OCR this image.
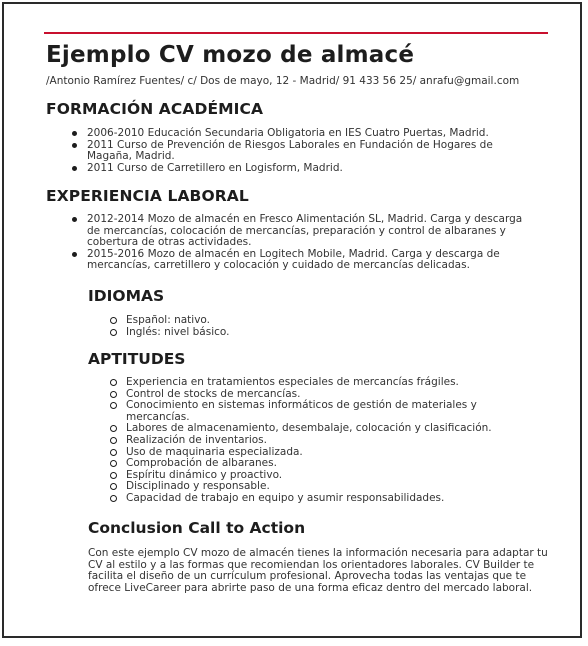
Ejemplo CV mozo de almacé
/Antonio Ramírez Fuentes/ c/ Dos de mayo, 12 - Madrid/ 91 433 56 25/ anrafu@gmail.com
FORMACIÓN ACADÉMICA
2006-2010 Educación Secundaria Obligatoria en IES Cuatro Puertas, Madrid.
2011 Curso de Prevención de Riesgos Laborales en Fundación de Hogares de Magaña, Madrid.
2011 Curso de Carretillero en Logisform, Madrid.
EXPERIENCIA LABORAL
2012-2014 Mozo de almacén en Fresco Alimentación SL, Madrid. Carga y descarga de mercancías, colocación de mercancías, preparación y control de albaranes y cobertura de otras actividades.
2015-2016 Mozo de almacén en Logitech Mobile, Madrid. Carga y descarga de mercancías, carretillero y colocación y cuidado de mercancías delicadas.
IDIOMAS
Español: nativo.
Inglés: nivel básico.
APTITUDES
Experiencia en tratamientos especiales de mercancías frágiles.
Control de stocks de mercancías.
Conocimiento en sistemas informáticos de gestión de materiales y mercancías.
Labores de almacenamiento, desembalaje, colocación y clasificación.
Realización de inventarios.
Uso de maquinaria especializada.
Comprobación de albaranes.
Espíritu dinámico y proactivo.
Disciplinado y responsable.
Capacidad de trabajo en equipo y asumir responsabilidades.
Conclusion Call to Action
Con este ejemplo CV mozo de almacén tienes la información necesaria para adaptar tu CV al estilo y a las formas que recomiendan los orientadores laborales. CV Builder te facilita el diseño de un currículum profesional. Aprovecha todas las ventajas que te ofrece LiveCareer para abrirte paso de una forma eficaz dentro del mercado laboral.
